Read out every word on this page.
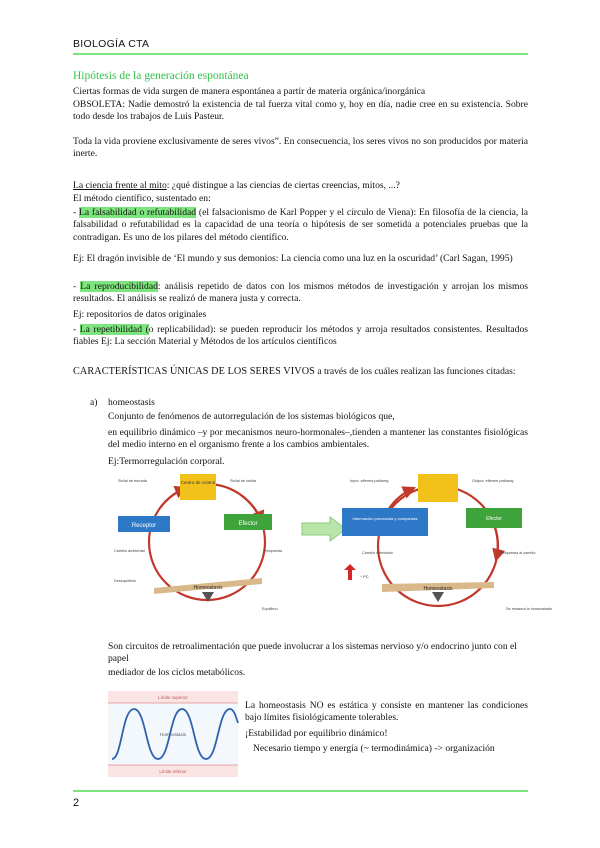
BIOLOGÍA CTA

Hipótesis de la generación espontánea

Ciertas formas de vida surgen de manera espontánea a partir de materia orgánica/inorgánica

OBSOLETA: Nadie demostró la existencia de tal fuerza vital como y, hoy en día, nadie cree en su existencia. Sobre todo desde los trabajos de Luis Pasteur.

Toda la vida proviene exclusivamente de seres vivos”. En consecuencia, los seres vivos no son producidos por materia inerte.

La ciencia frente al mito: ¿qué distingue a las ciencias de ciertas creencias, mitos, ...?

El método científico, sustentado en:

- La falsabilidad o refutabilidad (el falsacionismo de Karl Popper y el círculo de Viena): En filosofía de la ciencia, la falsabilidad o refutabilidad es la capacidad de una teoría o hipótesis de ser sometida a potenciales pruebas que la contradigan. Es uno de los pilares del método científico.

Ej: El dragón invisible de ‘El mundo y sus demonios: La ciencia como una luz en la oscuridad’ (Carl Sagan, 1995)

- La reproducibilidad: análisis repetido de datos con los mismos métodos de investigación y arrojan los mismos resultados. El análisis se realizó de manera justa y correcta.

Ej: repositorios de datos originales

- La repetibilidad (o replicabilidad): se pueden reproducir los métodos y arroja resultados consistentes. Resultados fiables Ej: La sección Material y Métodos de los artículos científicos

CARACTERÍSTICAS ÚNICAS DE LOS SERES VIVOS a través de los cuáles realizan las funciones citadas:

a)	homeostasis

Conjunto de fenómenos de autorregulación de los sistemas biológicos que,

en equilibrio dinámico –y por mecanismos neuro-hormonales–,tienden a mantener las constantes fisiológicas del medio interno en el organismo frente a los cambios ambientales.

Ej:Termorregulación corporal.

Centro de control
Receptor	Efector
Señal de entrada	Señal de salida
Cambio ambiental	Respuesta
Desequilibrio
Equilibrio
Homeostasis
Información procesada y comparada	Efector
Input: afferent pathway	Output: efferent pathway
Cambio detectado	Respuesta al cambio
Se restaura la homeostasis
↑ PC
Homeostasis

Son circuitos de retroalimentación que puede involucrar a los sistemas nervioso y/o endocrino junto con el papel

mediador de los ciclos metabólicos.

Límite superior
Homeostasis
Límite inferior

La homeostasis NO es estática y consiste en mantener las condiciones bajo límites fisiológicamente tolerables.

¡Estabilidad por equilibrio dinámico!

Necesario tiempo y energía (~ termodinámica) -> organización

2
